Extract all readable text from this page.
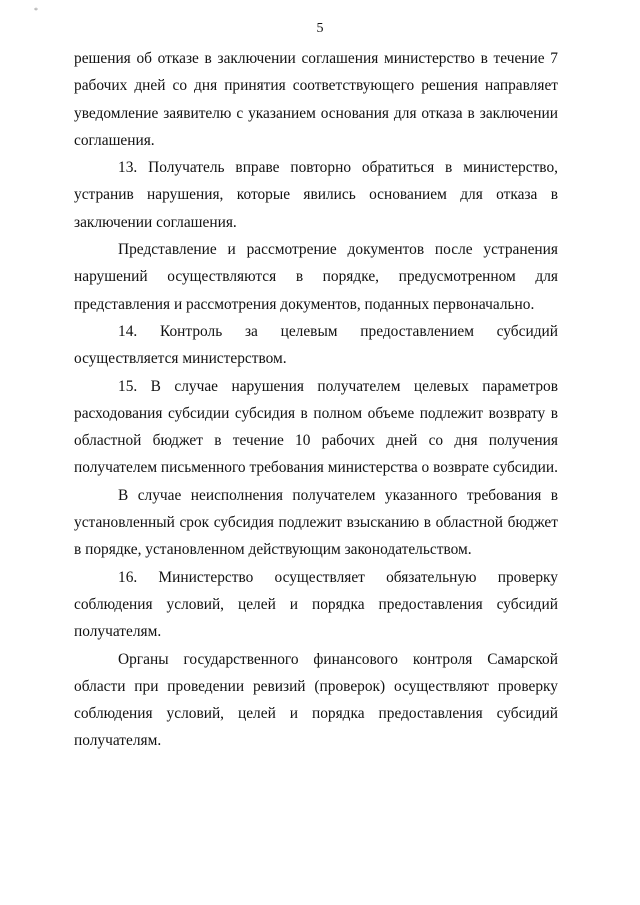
*
5

решения об отказе в заключении соглашения министерство в течение 7 рабочих дней со дня принятия соответствующего решения направляет уведомление заявителю с указанием основания для отказа в заключении соглашения.

13. Получатель вправе повторно обратиться в министерство, устранив нарушения, которые явились основанием для отказа в заключении соглашения.

Представление и рассмотрение документов после устранения нарушений осуществляются в порядке, предусмотренном для представления и рассмотрения документов, поданных первоначально.

14. Контроль за целевым предоставлением субсидий осуществляется министерством.

15. В случае нарушения получателем целевых параметров расходования субсидии субсидия в полном объеме подлежит возврату в областной бюджет в течение 10 рабочих дней со дня получения получателем письменного требования министерства о возврате субсидии.

В случае неисполнения получателем указанного требования в установленный срок субсидия подлежит взысканию в областной бюджет в порядке, установленном действующим законодательством.

16. Министерство осуществляет обязательную проверку соблюдения условий, целей и порядка предоставления субсидий получателям.

Органы государственного финансового контроля Самарской области при проведении ревизий (проверок) осуществляют проверку соблюдения условий, целей и порядка предоставления субсидий получателям.
